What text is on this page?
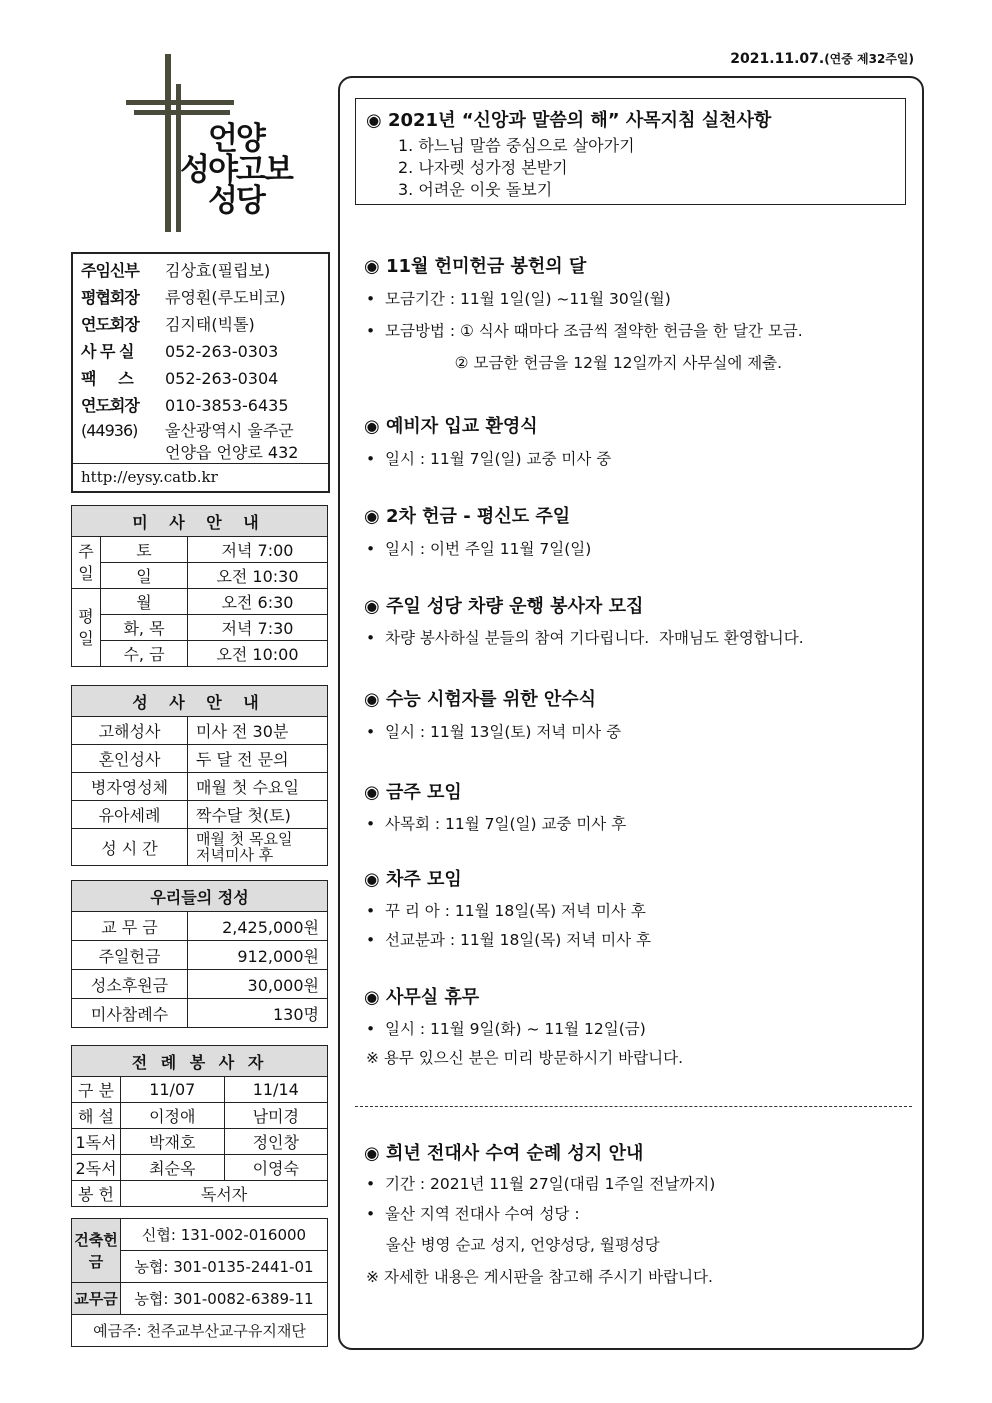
2021.11.07.(연중 제32주일)
언양
성야고보
성당
주임신부 김상효(필립보)
평협회장 류영훤(루도비코)
연도회장 김지태(빅톨)
사 무 실 052-263-0303
팩     스 052-263-0304
연도회장 010-3853-6435
(44936) 울산광역시 울주군
언양읍 언양로 432
http://eysy.catb.kr
미 사 안 내		
주일	토	저녁 7:00
	일	오전 10:30
평일	월	오전 6:30
	화, 목	저녁 7:30
	수, 금	오전 10:00
성 사 안 내	
고해성사	미사 전 30분
혼인성사	두 달 전 문의
병자영성체	매월 첫 수요일
유아세례	짝수달 첫(토)
성 시 간	매월 첫 목요일
저녁미사 후
우리들의 정성	
교 무 금	2,425,000원
주일헌금	912,000원
성소후원금	30,000원
미사참례수	130명
전 례 봉 사 자		
구 분	11/07	11/14
해 설	이정애	남미경
1독서	박재호	정인창
2독서	최순옥	이영숙
봉 헌	독서자	
건축헌금	신협: 131-002-016000
	농협: 301-0135-2441-01
교무금	농협: 301-0082-6389-11
예금주: 천주교부산교구유지재단	
◉ 2021년 “신앙과 말씀의 해” 사목지침 실천사항
1. 하느님 말씀 중심으로 살아가기
2. 나자렛 성가정 본받기
3. 어려운 이웃 돌보기
◉ 11월 헌미헌금 봉헌의 달
•  모금기간 : 11월 1일(일) ~11월 30일(월)
•  모금방법 : ① 식사 때마다 조금씩 절약한 헌금을 한 달간 모금.
② 모금한 헌금을 12월 12일까지 사무실에 제출.
◉ 예비자 입교 환영식
•  일시 : 11월 7일(일) 교중 미사 중
◉ 2차 헌금 - 평신도 주일
•  일시 : 이번 주일 11월 7일(일)
◉ 주일 성당 차량 운행 봉사자 모집
•  차량 봉사하실 분들의 참여 기다립니다.  자매님도 환영합니다.
◉ 수능 시험자를 위한 안수식
•  일시 : 11월 13일(토) 저녁 미사 중
◉ 금주 모임
•  사목회 : 11월 7일(일) 교중 미사 후
◉ 차주 모임
•  꾸 리 아 : 11월 18일(목) 저녁 미사 후
•  선교분과 : 11월 18일(목) 저녁 미사 후
◉ 사무실 휴무
•  일시 : 11월 9일(화) ~ 11월 12일(금)
※ 용무 있으신 분은 미리 방문하시기 바랍니다.
◉ 희년 전대사 수여 순례 성지 안내
•  기간 : 2021년 11월 27일(대림 1주일 전날까지)
•  울산 지역 전대사 수여 성당 :
울산 병영 순교 성지, 언양성당, 월평성당
※ 자세한 내용은 게시판을 참고해 주시기 바랍니다.
